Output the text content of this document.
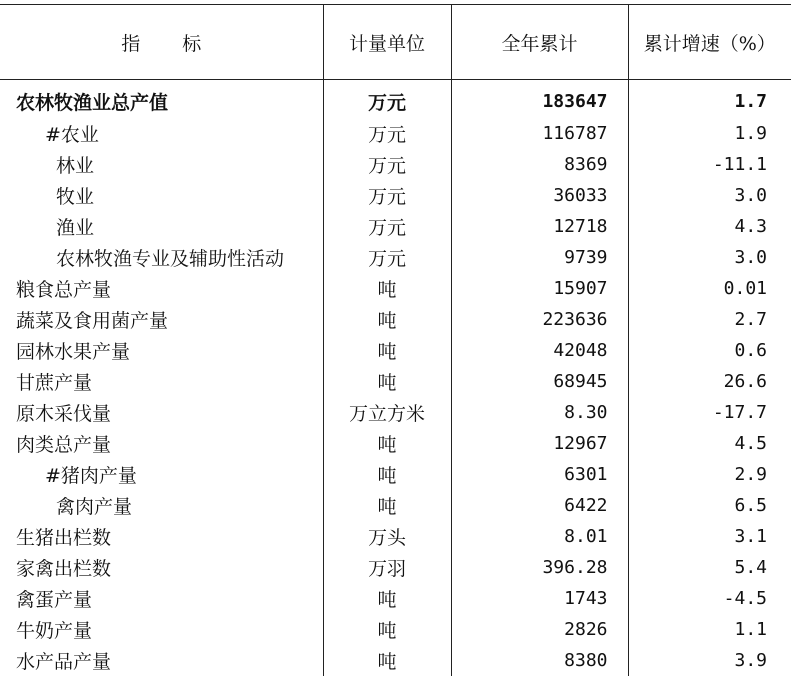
指 标	计量单位	全年累计	累计增速（%）
农林牧渔业总产值	万元	183647	1.7
#农业	万元	116787	1.9
林业	万元	8369	-11.1
牧业	万元	36033	3.0
渔业	万元	12718	4.3
农林牧渔专业及辅助性活动	万元	9739	3.0
粮食总产量	吨	15907	0.01
蔬菜及食用菌产量	吨	223636	2.7
园林水果产量	吨	42048	0.6
甘蔗产量	吨	68945	26.6
原木采伐量	万立方米	8.30	-17.7
肉类总产量	吨	12967	4.5
#猪肉产量	吨	6301	2.9
禽肉产量	吨	6422	6.5
生猪出栏数	万头	8.01	3.1
家禽出栏数	万羽	396.28	5.4
禽蛋产量	吨	1743	-4.5
牛奶产量	吨	2826	1.1
水产品产量	吨	8380	3.9
